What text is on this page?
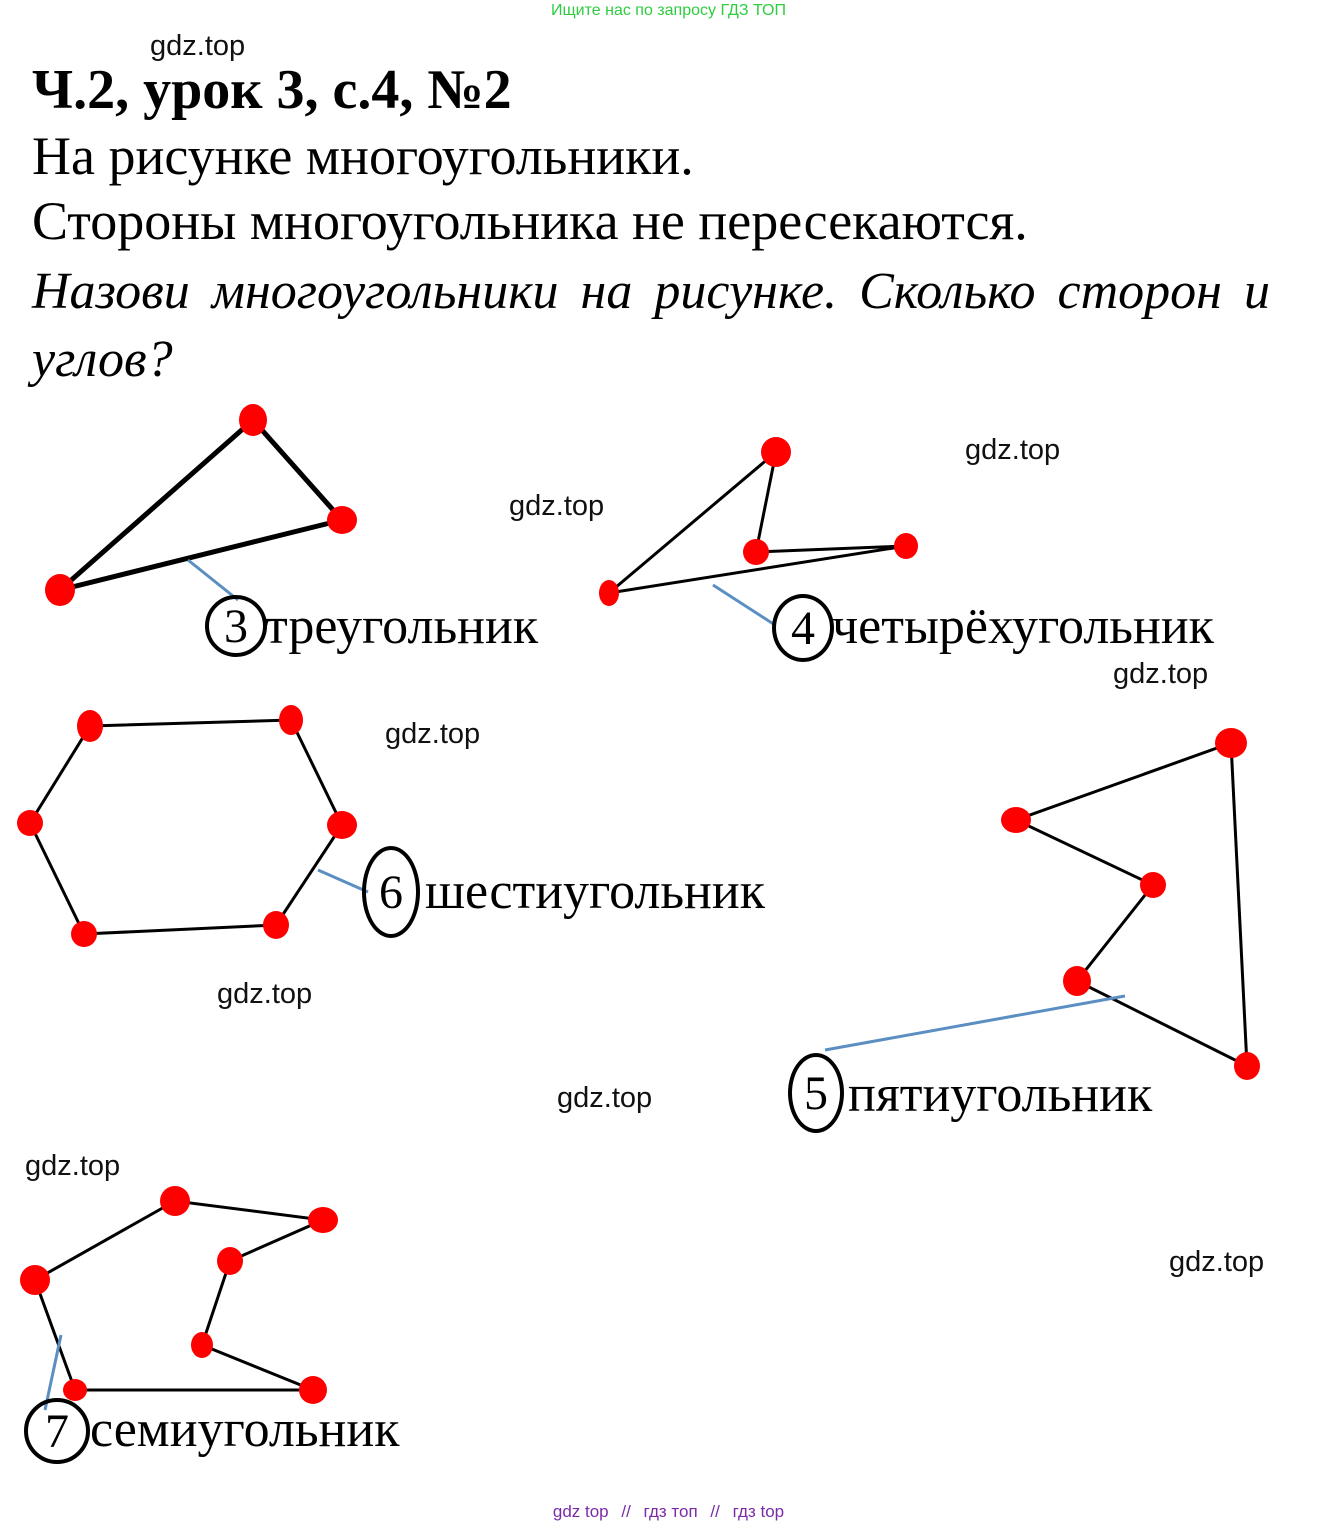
Ищите нас по запросу ГДЗ ТОП
gdz.top
gdz.top
gdz.top
gdz.top
gdz.top
gdz.top
gdz.top
gdz.top
gdz.top
Ч.2, урок 3, с.4, №2
На рисунке многоугольники.
Стороны многоугольника не пересекаются.
Назови многоугольники на рисунке. Сколько сторон и углов?
3 треугольник	4 четырёхугольник
6 шестиугольник
5 пятиугольник
7 семиугольник
gdz top // гдз топ // гдз top
